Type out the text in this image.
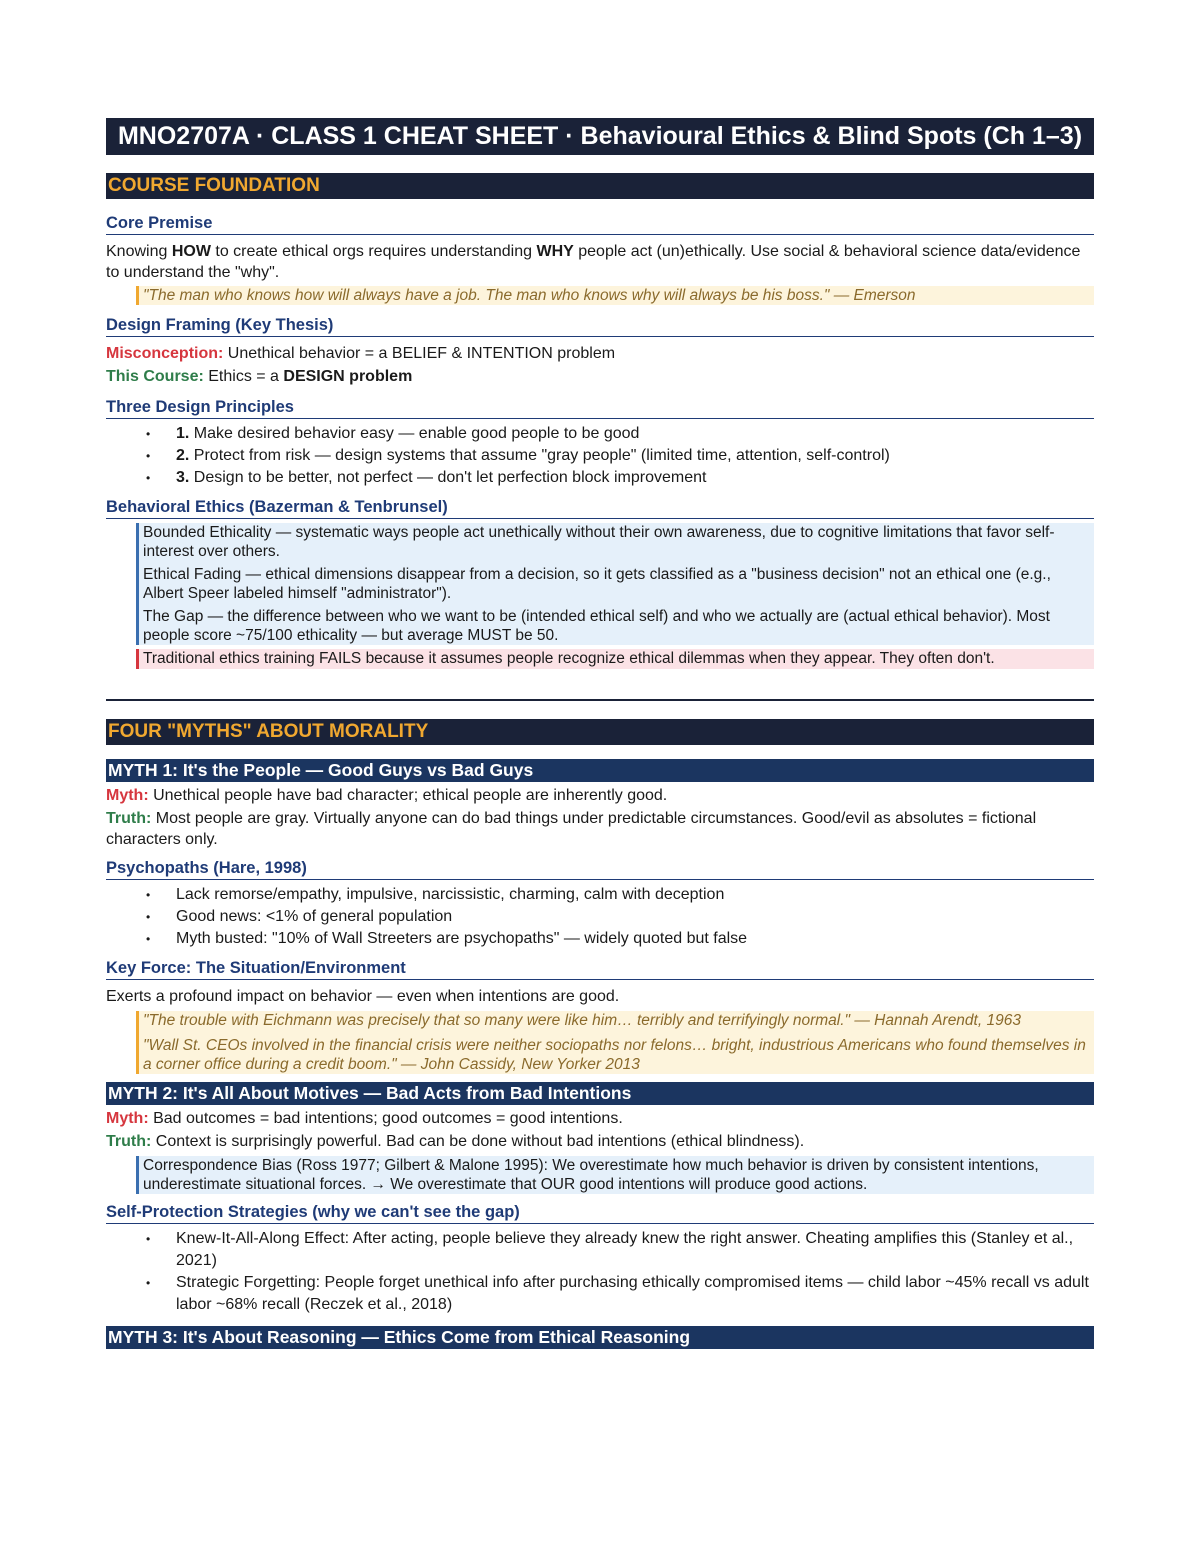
MNO2707A · CLASS 1 CHEAT SHEET · Behavioural Ethics & Blind Spots (Ch 1–3)
COURSE FOUNDATION
Core Premise
Knowing HOW to create ethical orgs requires understanding WHY people act (un)ethically. Use social & behavioral science data/evidence to understand the "why".
"The man who knows how will always have a job. The man who knows why will always be his boss." — Emerson
Design Framing (Key Thesis)
Misconception: Unethical behavior = a BELIEF & INTENTION problem
This Course: Ethics = a DESIGN problem
Three Design Principles
• 1. Make desired behavior easy — enable good people to be good
• 2. Protect from risk — design systems that assume "gray people" (limited time, attention, self-control)
• 3. Design to be better, not perfect — don't let perfection block improvement
Behavioral Ethics (Bazerman & Tenbrunsel)
Bounded Ethicality — systematic ways people act unethically without their own awareness, due to cognitive limitations that favor self-interest over others.
Ethical Fading — ethical dimensions disappear from a decision, so it gets classified as a "business decision" not an ethical one (e.g., Albert Speer labeled himself "administrator").
The Gap — the difference between who we want to be (intended ethical self) and who we actually are (actual ethical behavior). Most people score ~75/100 ethicality — but average MUST be 50.
Traditional ethics training FAILS because it assumes people recognize ethical dilemmas when they appear. They often don't.
FOUR "MYTHS" ABOUT MORALITY
MYTH 1: It's the People — Good Guys vs Bad Guys
Myth: Unethical people have bad character; ethical people are inherently good.
Truth: Most people are gray. Virtually anyone can do bad things under predictable circumstances. Good/evil as absolutes = fictional characters only.
Psychopaths (Hare, 1998)
• Lack remorse/empathy, impulsive, narcissistic, charming, calm with deception
• Good news: <1% of general population
• Myth busted: "10% of Wall Streeters are psychopaths" — widely quoted but false
Key Force: The Situation/Environment
Exerts a profound impact on behavior — even when intentions are good.
"The trouble with Eichmann was precisely that so many were like him… terribly and terrifyingly normal." — Hannah Arendt, 1963
"Wall St. CEOs involved in the financial crisis were neither sociopaths nor felons… bright, industrious Americans who found themselves in a corner office during a credit boom." — John Cassidy, New Yorker 2013
MYTH 2: It's All About Motives — Bad Acts from Bad Intentions
Myth: Bad outcomes = bad intentions; good outcomes = good intentions.
Truth: Context is surprisingly powerful. Bad can be done without bad intentions (ethical blindness).
Correspondence Bias (Ross 1977; Gilbert & Malone 1995): We overestimate how much behavior is driven by consistent intentions, underestimate situational forces. → We overestimate that OUR good intentions will produce good actions.
Self-Protection Strategies (why we can't see the gap)
• Knew-It-All-Along Effect: After acting, people believe they already knew the right answer. Cheating amplifies this (Stanley et al., 2021)
• Strategic Forgetting: People forget unethical info after purchasing ethically compromised items — child labor ~45% recall vs adult labor ~68% recall (Reczek et al., 2018)
MYTH 3: It's About Reasoning — Ethics Come from Ethical Reasoning
